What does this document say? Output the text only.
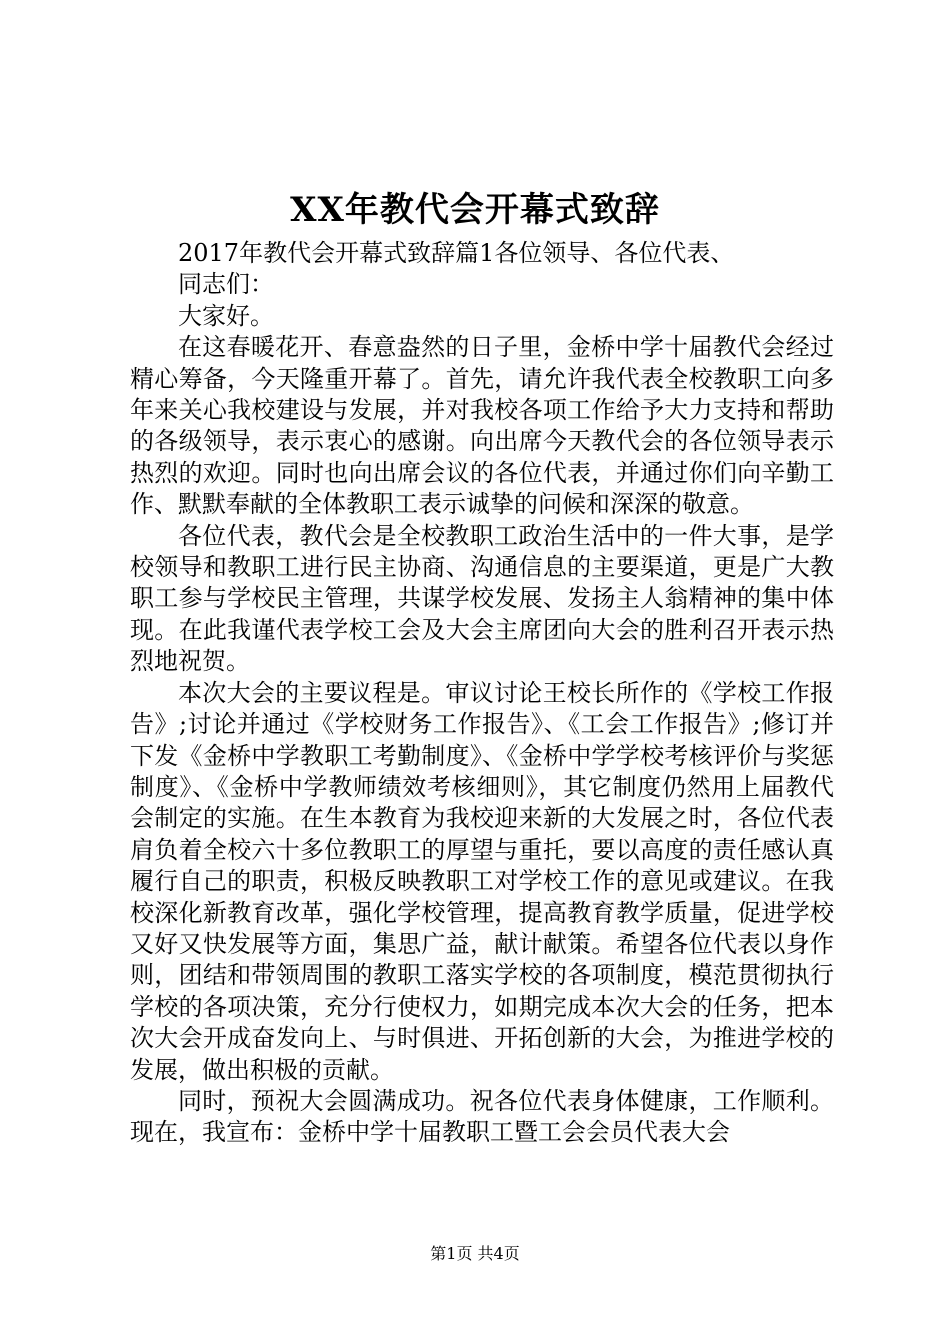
XX年教代会开幕式致辞

2017年教代会开幕式致辞篇1各位领导、各位代表、

同志们：

大家好。

在这春暖花开、春意盎然的日子里，金桥中学十届教代会经过精心筹备，今天隆重开幕了。首先，请允许我代表全校教职工向多年来关心我校建设与发展，并对我校各项工作给予大力支持和帮助的各级领导，表示衷心的感谢。向出席今天教代会的各位领导表示热烈的欢迎。同时也向出席会议的各位代表，并通过你们向辛勤工作、默默奉献的全体教职工表示诚挚的问候和深深的敬意。

各位代表，教代会是全校教职工政治生活中的一件大事，是学校领导和教职工进行民主协商、沟通信息的主要渠道，更是广大教职工参与学校民主管理，共谋学校发展、发扬主人翁精神的集中体现。在此我谨代表学校工会及大会主席团向大会的胜利召开表示热烈地祝贺。

本次大会的主要议程是。审议讨论王校长所作的《学校工作报告》;讨论并通过《学校财务工作报告》、《工会工作报告》;修订并下发《金桥中学教职工考勤制度》、《金桥中学学校考核评价与奖惩制度》、《金桥中学教师绩效考核细则》，其它制度仍然用上届教代会制定的实施。在生本教育为我校迎来新的大发展之时，各位代表肩负着全校六十多位教职工的厚望与重托，要以高度的责任感认真履行自己的职责，积极反映教职工对学校工作的意见或建议。在我校深化新教育改革，强化学校管理，提高教育教学质量，促进学校又好又快发展等方面，集思广益，献计献策。希望各位代表以身作则，团结和带领周围的教职工落实学校的各项制度，模范贯彻执行学校的各项决策，充分行使权力，如期完成本次大会的任务，把本次大会开成奋发向上、与时俱进、开拓创新的大会，为推进学校的发展，做出积极的贡献。

同时，预祝大会圆满成功。祝各位代表身体健康，工作顺利。现在，我宣布：金桥中学十届教职工暨工会会员代表大会

第1页 共4页
